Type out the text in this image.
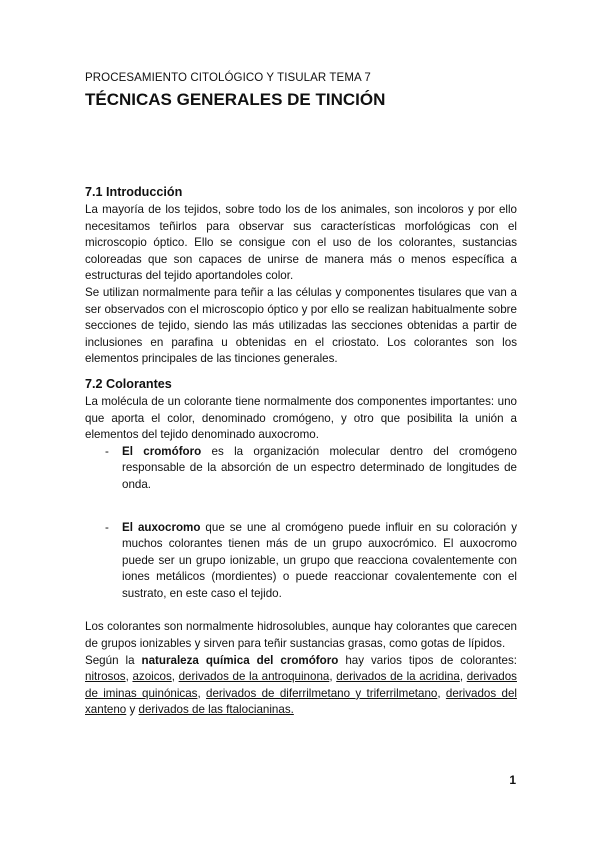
PROCESAMIENTO CITOLÓGICO Y TISULAR TEMA 7
TÉCNICAS GENERALES DE TINCIÓN
7.1 Introducción

La mayoría de los tejidos, sobre todo los de los animales, son incoloros y por ello necesitamos teñirlos para observar sus características morfológicas con el microscopio óptico. Ello se consigue con el uso de los colorantes, sustancias coloreadas que son capaces de unirse de manera más o menos específica a estructuras del tejido aportandoles color.

Se utilizan normalmente para teñir a las células y componentes tisulares que van a ser observados con el microscopio óptico y por ello se realizan habitualmente sobre secciones de tejido, siendo las más utilizadas las secciones obtenidas a partir de inclusiones en parafina u obtenidas en el criostato. Los colorantes son los elementos principales de las tinciones generales.

7.2 Colorantes

La molécula de un colorante tiene normalmente dos componentes importantes: uno que aporta el color, denominado cromógeno, y otro que posibilita la unión a elementos del tejido denominado auxocromo.

- El cromóforo es la organización molecular dentro del cromógeno responsable de la absorción de un espectro determinado de longitudes de onda.
- El auxocromo que se une al cromógeno puede influir en su coloración y muchos colorantes tienen más de un grupo auxocrómico. El auxocromo puede ser un grupo ionizable, un grupo que reacciona covalentemente con iones metálicos (mordientes) o puede reaccionar covalentemente con el sustrato, en este caso el tejido.

Los colorantes son normalmente hidrosolubles, aunque hay colorantes que carecen de grupos ionizables y sirven para teñir sustancias grasas, como gotas de lípidos.

Según la naturaleza química del cromóforo hay varios tipos de colorantes: nitrosos, azoicos, derivados de la antroquinona, derivados de la acridina, derivados de iminas quinónicas, derivados de diferrilmetano y triferrilmetano, derivados del xanteno y derivados de las ftalocianinas.

1
